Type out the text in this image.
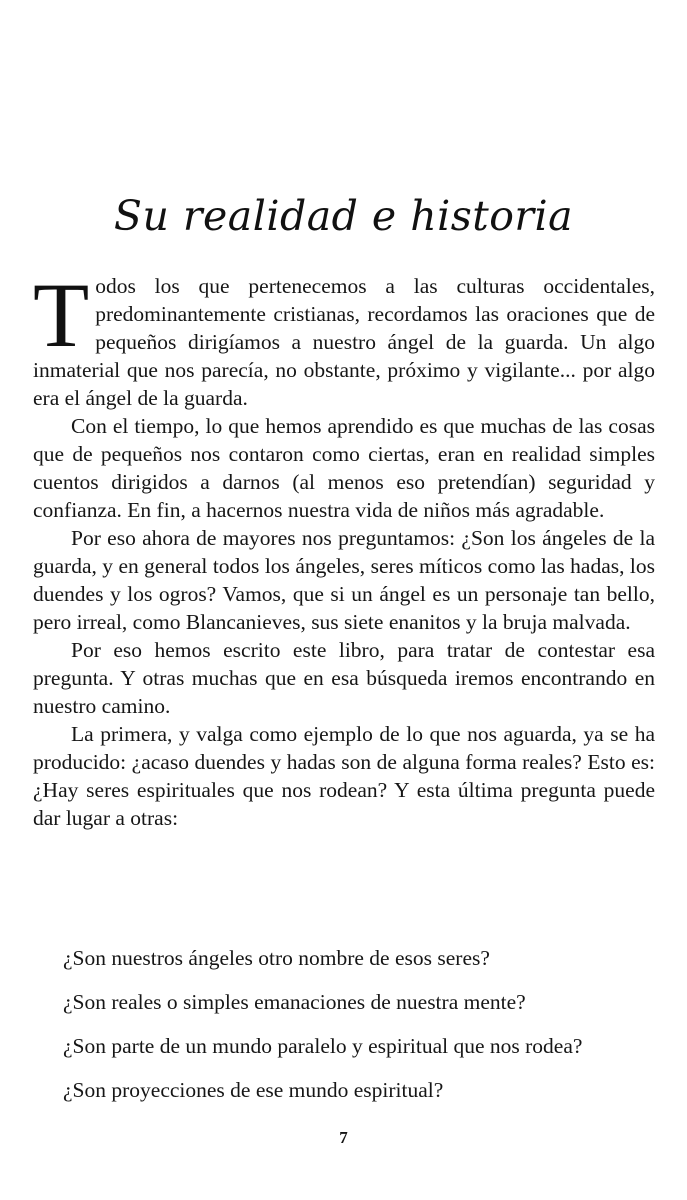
Su realidad e historia

Todos los que pertenecemos a las culturas occidentales, predominantemente cristianas, recordamos las oraciones que de pequeños dirigíamos a nuestro ángel de la guarda. Un algo inmaterial que nos parecía, no obstante, próximo y vigilante... por algo era el ángel de la guarda.

Con el tiempo, lo que hemos aprendido es que muchas de las cosas que de pequeños nos contaron como ciertas, eran en realidad simples cuentos dirigidos a darnos (al menos eso pretendían) seguridad y confianza. En fin, a hacernos nuestra vida de niños más agradable.

Por eso ahora de mayores nos preguntamos: ¿Son los ángeles de la guarda, y en general todos los ángeles, seres míticos como las hadas, los duendes y los ogros? Vamos, que si un ángel es un personaje tan bello, pero irreal, como Blancanieves, sus siete enanitos y la bruja malvada.

Por eso hemos escrito este libro, para tratar de contestar esa pregunta. Y otras muchas que en esa búsqueda iremos encontrando en nuestro camino.

La primera, y valga como ejemplo de lo que nos aguarda, ya se ha producido: ¿acaso duendes y hadas son de alguna forma reales? Esto es: ¿Hay seres espirituales que nos rodean? Y esta última pregunta puede dar lugar a otras:

¿Son nuestros ángeles otro nombre de esos seres?

¿Son reales o simples emanaciones de nuestra mente?

¿Son parte de un mundo paralelo y espiritual que nos rodea?

¿Son proyecciones de ese mundo espiritual?

7
